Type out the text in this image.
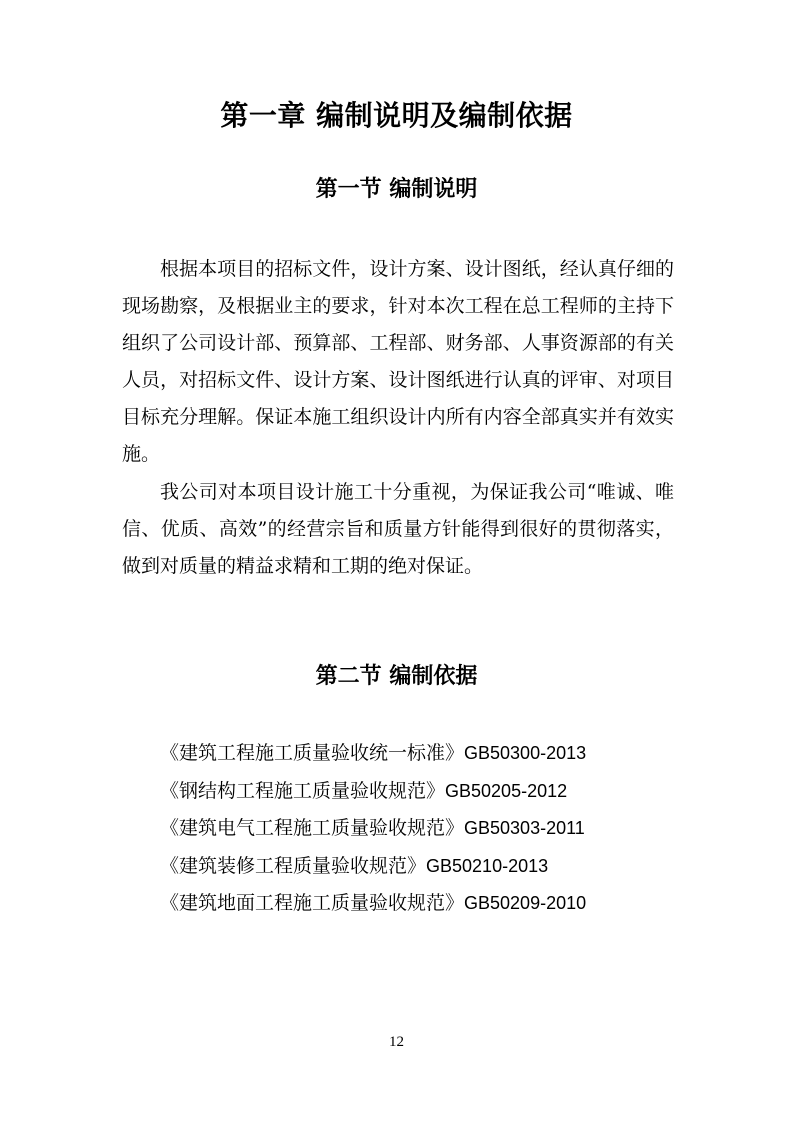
第一章 编制说明及编制依据
第一节 编制说明

根据本项目的招标文件，设计方案、设计图纸，经认真仔细的现场勘察，及根据业主的要求，针对本次工程在总工程师的主持下组织了公司设计部、预算部、工程部、财务部、人事资源部的有关人员，对招标文件、设计方案、设计图纸进行认真的评审、对项目目标充分理解。保证本施工组织设计内所有内容全部真实并有效实施。

我公司对本项目设计施工十分重视，为保证我公司“唯诚、唯信、优质、高效”的经营宗旨和质量方针能得到很好的贯彻落实，做到对质量的精益求精和工期的绝对保证。

第二节 编制依据
《建筑工程施工质量验收统一标准》GB50300-2013
《钢结构工程施工质量验收规范》GB50205-2012
《建筑电气工程施工质量验收规范》GB50303-2011
《建筑装修工程质量验收规范》GB50210-2013
《建筑地面工程施工质量验收规范》GB50209-2010
12
